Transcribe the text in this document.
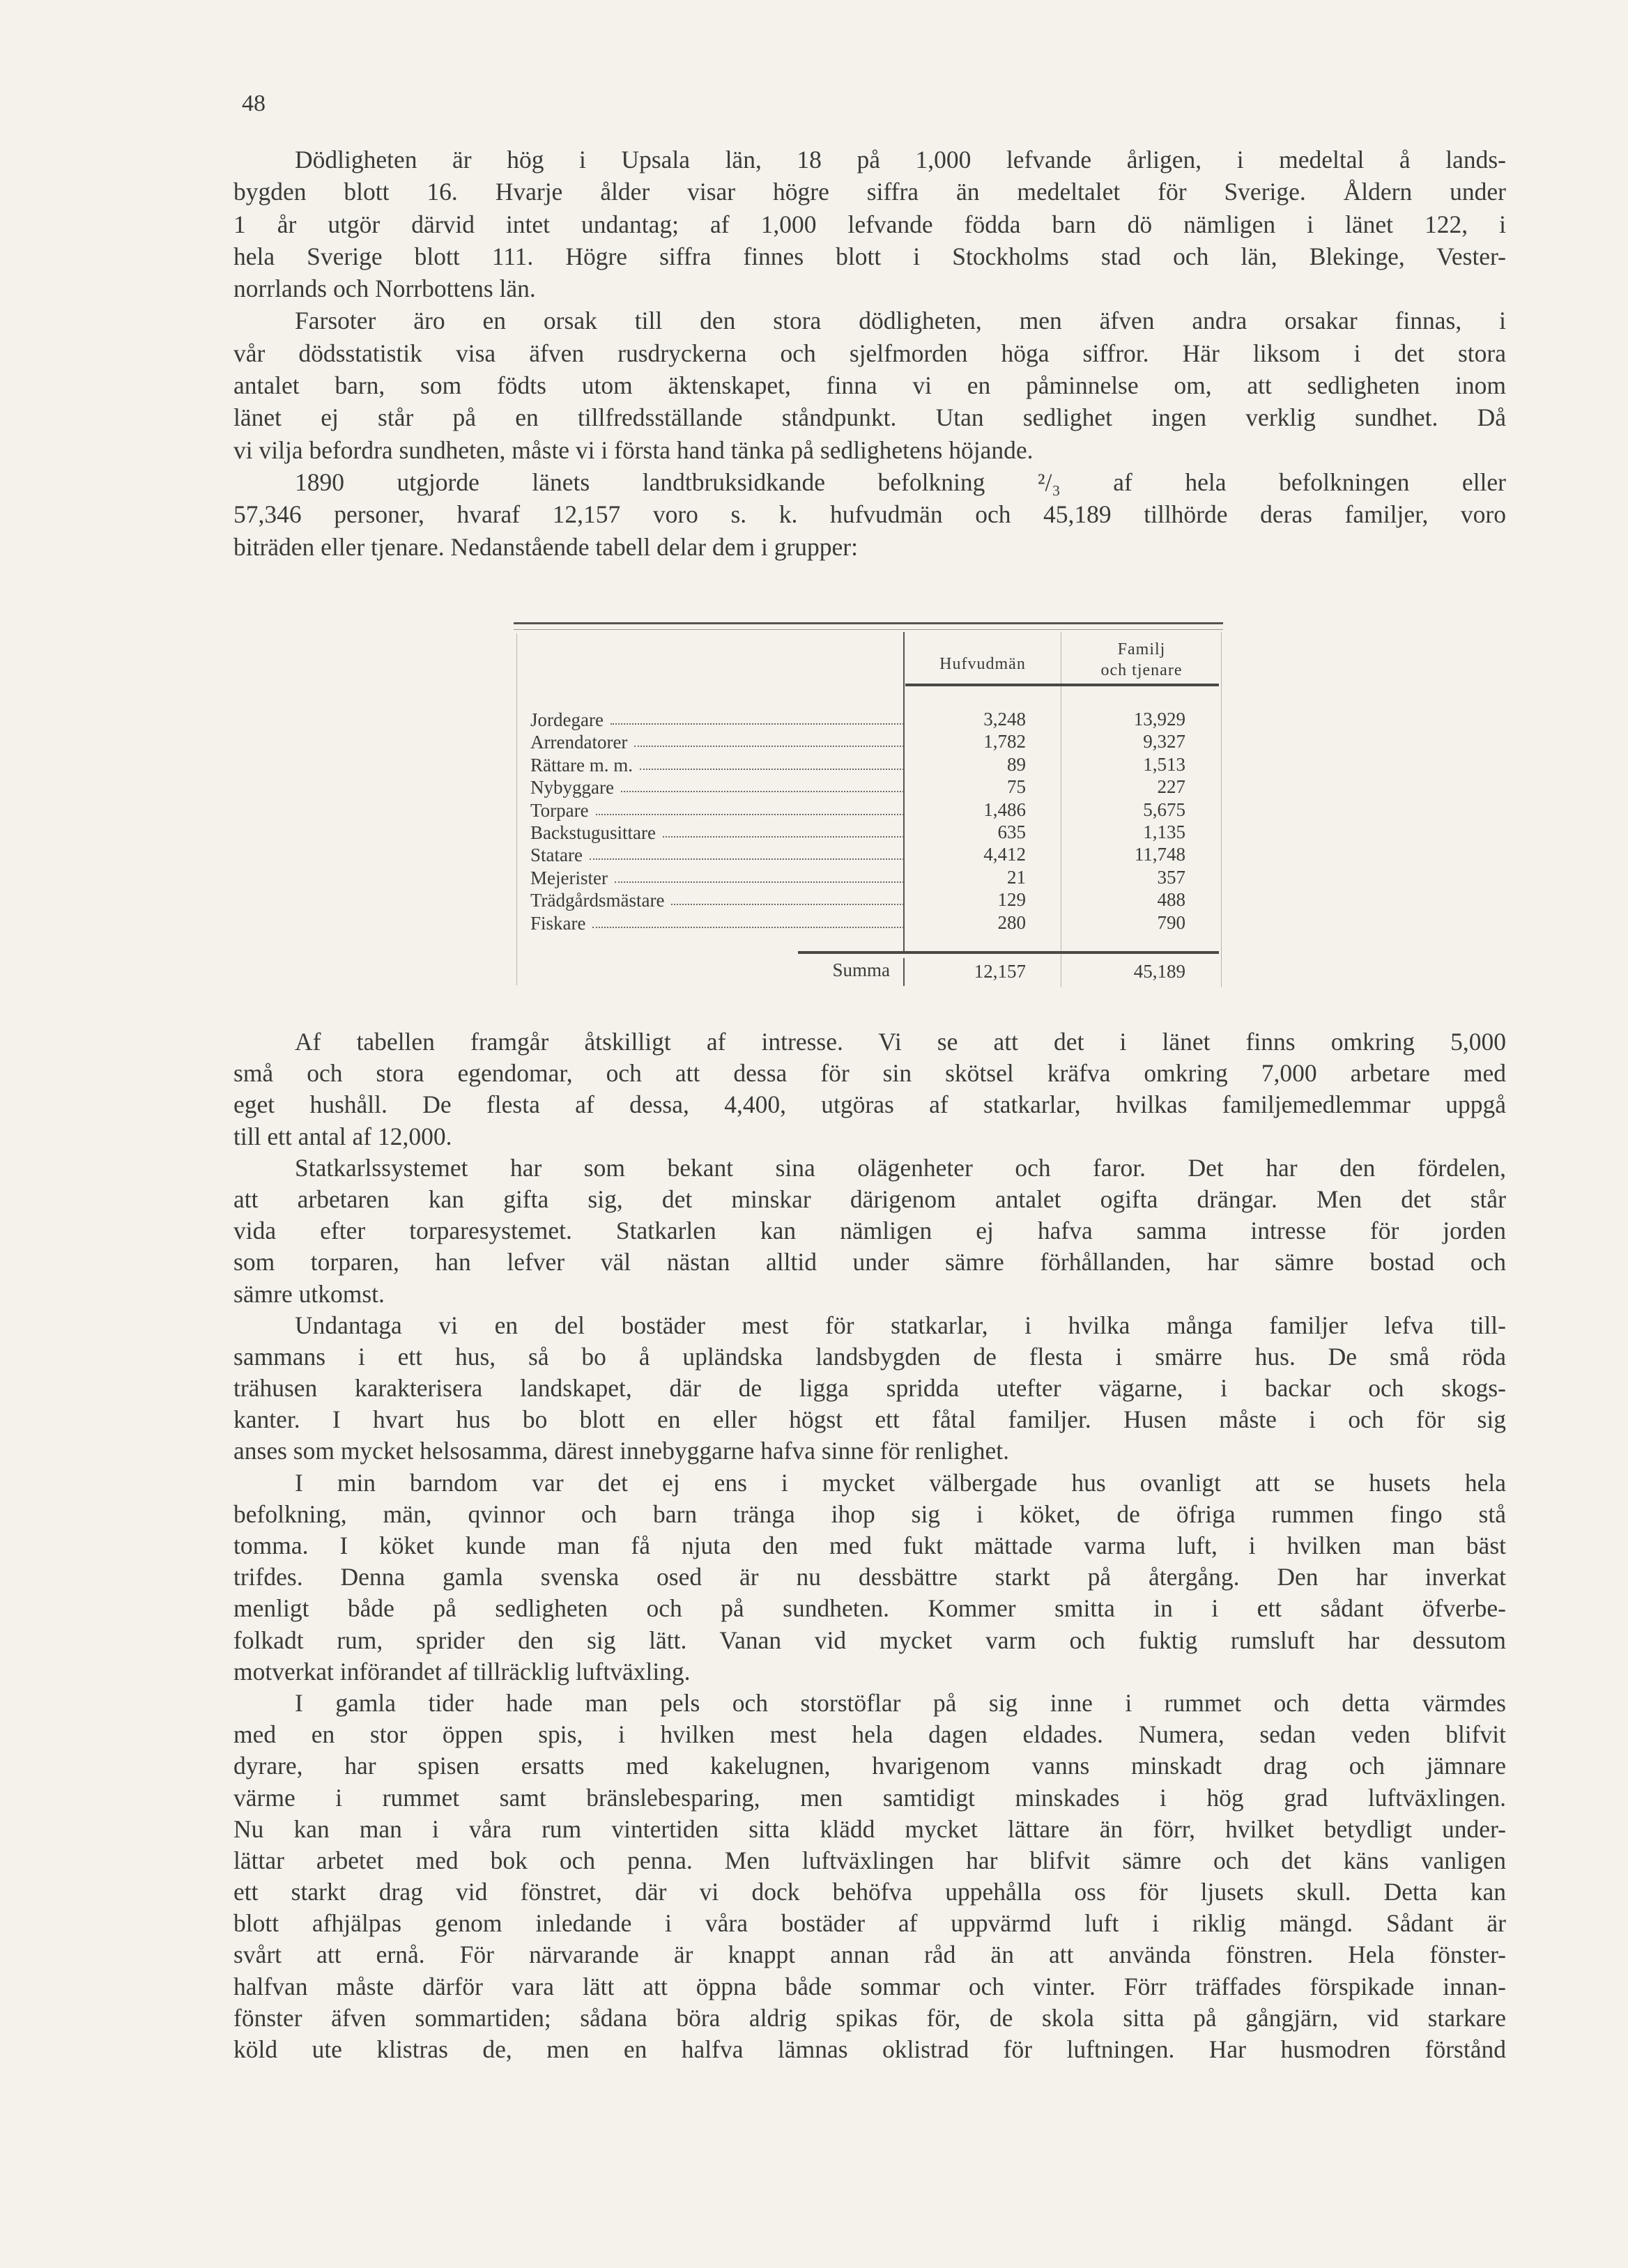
48
Dödligheten är hög i Upsala län, 18 på 1,000 lefvande årligen, i medeltal å lands-
bygden blott 16. Hvarje ålder visar högre siffra än medeltalet för Sverige. Åldern under
1 år utgör därvid intet undantag; af 1,000 lefvande födda barn dö nämligen i länet 122, i
hela Sverige blott 111. Högre siffra finnes blott i Stockholms stad och län, Blekinge, Vester-
norrlands och Norrbottens län.
Farsoter äro en orsak till den stora dödligheten, men äfven andra orsakar finnas, i
vår dödsstatistik visa äfven rusdryckerna och sjelfmorden höga siffror. Här liksom i det stora
antalet barn, som födts utom äktenskapet, finna vi en påminnelse om, att sedligheten inom
länet ej står på en tillfredsställande ståndpunkt. Utan sedlighet ingen verklig sundhet. Då
vi vilja befordra sundheten, måste vi i första hand tänka på sedlighetens höjande.
1890 utgjorde länets landtbruksidkande befolkning ²/₃ af hela befolkningen eller
57,346 personer, hvaraf 12,157 voro s. k. hufvudmän och 45,189 tillhörde deras familjer, voro
biträden eller tjenare. Nedanstående tabell delar dem i grupper:
Hufvudmän
Familj
och tjenare
Jordegare	3,248	13,929
Arrendatorer	1,782	9,327
Rättare m. m.	89	1,513
Nybyggare	75	227
Torpare	1,486	5,675
Backstugusittare	635	1,135
Statare	4,412	11,748
Mejerister	21	357
Trädgårdsmästare	129	488
Fiskare	280	790
Summa	12,157	45,189
Af tabellen framgår åtskilligt af intresse. Vi se att det i länet finns omkring 5,000
små och stora egendomar, och att dessa för sin skötsel kräfva omkring 7,000 arbetare med
eget hushåll. De flesta af dessa, 4,400, utgöras af statkarlar, hvilkas familjemedlemmar uppgå
till ett antal af 12,000.
Statkarlssystemet har som bekant sina olägenheter och faror. Det har den fördelen,
att arbetaren kan gifta sig, det minskar därigenom antalet ogifta drängar. Men det står
vida efter torparesystemet. Statkarlen kan nämligen ej hafva samma intresse för jorden
som torparen, han lefver väl nästan alltid under sämre förhållanden, har sämre bostad och
sämre utkomst.
Undantaga vi en del bostäder mest för statkarlar, i hvilka många familjer lefva till-
sammans i ett hus, så bo å upländska landsbygden de flesta i smärre hus. De små röda
trähusen karakterisera landskapet, där de ligga spridda utefter vägarne, i backar och skogs-
kanter. I hvart hus bo blott en eller högst ett fåtal familjer. Husen måste i och för sig
anses som mycket helsosamma, därest innebyggarne hafva sinne för renlighet.
I min barndom var det ej ens i mycket välbergade hus ovanligt att se husets hela
befolkning, män, qvinnor och barn tränga ihop sig i köket, de öfriga rummen fingo stå
tomma. I köket kunde man få njuta den med fukt mättade varma luft, i hvilken man bäst
trifdes. Denna gamla svenska osed är nu dessbättre starkt på återgång. Den har inverkat
menligt både på sedligheten och på sundheten. Kommer smitta in i ett sådant öfverbe-
folkadt rum, sprider den sig lätt. Vanan vid mycket varm och fuktig rumsluft har dessutom
motverkat införandet af tillräcklig luftväxling.
I gamla tider hade man pels och storstöflar på sig inne i rummet och detta värmdes
med en stor öppen spis, i hvilken mest hela dagen eldades. Numera, sedan veden blifvit
dyrare, har spisen ersatts med kakelugnen, hvarigenom vanns minskadt drag och jämnare
värme i rummet samt bränslebesparing, men samtidigt minskades i hög grad luftväxlingen.
Nu kan man i våra rum vintertiden sitta klädd mycket lättare än förr, hvilket betydligt under-
lättar arbetet med bok och penna. Men luftväxlingen har blifvit sämre och det käns vanligen
ett starkt drag vid fönstret, där vi dock behöfva uppehålla oss för ljusets skull. Detta kan
blott afhjälpas genom inledande i våra bostäder af uppvärmd luft i riklig mängd. Sådant är
svårt att ernå. För närvarande är knappt annan råd än att använda fönstren. Hela fönster-
halfvan måste därför vara lätt att öppna både sommar och vinter. Förr träffades förspikade innan-
fönster äfven sommartiden; sådana böra aldrig spikas för, de skola sitta på gångjärn, vid starkare
köld ute klistras de, men en halfva lämnas oklistrad för luftningen. Har husmodren förstånd
